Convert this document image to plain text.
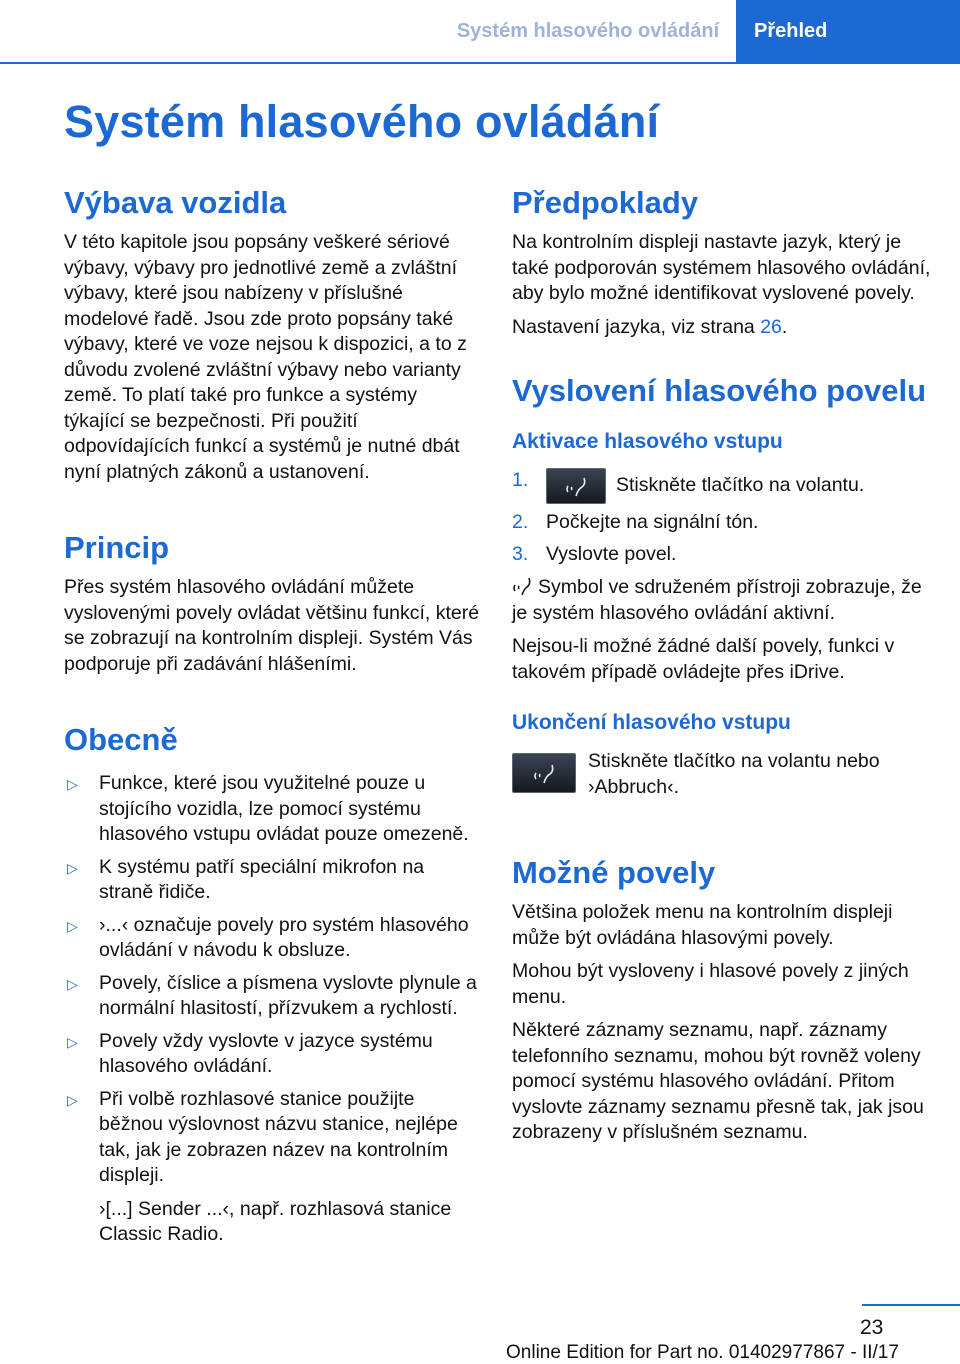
Systém hlasového ovládání	Přehled
Systém hlasového ovládání
Výbava vozidla

V této kapitole jsou popsány veškeré sériové výbavy, výbavy pro jednotlivé země a zvláštní výbavy, které jsou nabízeny v příslušné modelové řadě. Jsou zde proto popsány také výbavy, které ve voze nejsou k dispozici, a to z důvodu zvolené zvláštní výbavy nebo varianty země. To platí také pro funkce a systémy týkající se bezpečnosti. Při použití odpovídajících funkcí a systémů je nutné dbát nyní platných zákonů a ustanovení.

Princip

Přes systém hlasového ovládání můžete vyslovenými povely ovládat většinu funkcí, které se zobrazují na kontrolním displeji. Systém Vás podporuje při zadávání hlášeními.

Obecně
▷ Funkce, které jsou využitelné pouze u stojícího vozidla, lze pomocí systému hlasového vstupu ovládat pouze omezeně.
▷ K systému patří speciální mikrofon na straně řidiče.
▷ ›...‹ označuje povely pro systém hlasového ovládání v návodu k obsluze.
▷ Povely, číslice a písmena vyslovte plynule a normální hlasitostí, přízvukem a rychlostí.
▷ Povely vždy vyslovte v jazyce systému hlasového ovládání.
▷ Při volbě rozhlasové stanice použijte běžnou výslovnost názvu stanice, nejlépe tak, jak je zobrazen název na kontrolním displeji.
›[...] Sender ...‹, např. rozhlasová stanice Classic Radio.
Předpoklady

Na kontrolním displeji nastavte jazyk, který je také podporován systémem hlasového ovládání, aby bylo možné identifikovat vyslovené povely.

Nastavení jazyka, viz strana 26.

Vyslovení hlasového povelu
Aktivace hlasového vstupu
1.	Stiskněte tlačítko na volantu.
2. Počkejte na signální tón.
3. Vyslovte povel.

Symbol ve sdruženém přístroji zobrazuje, že je systém hlasového ovládání aktivní.

Nejsou-li možné žádné další povely, funkci v takovém případě ovládejte přes iDrive.

Ukončení hlasového vstupu

Stiskněte tlačítko na volantu nebo ›Abbruch‹.

Možné povely

Většina položek menu na kontrolním displeji může být ovládána hlasovými povely.

Mohou být vysloveny i hlasové povely z jiných menu.

Některé záznamy seznamu, např. záznamy telefonního seznamu, mohou být rovněž voleny pomocí systému hlasového ovládání. Přitom vyslovte záznamy seznamu přesně tak, jak jsou zobrazeny v příslušném seznamu.

23
Online Edition for Part no. 01402977867 - II/17
